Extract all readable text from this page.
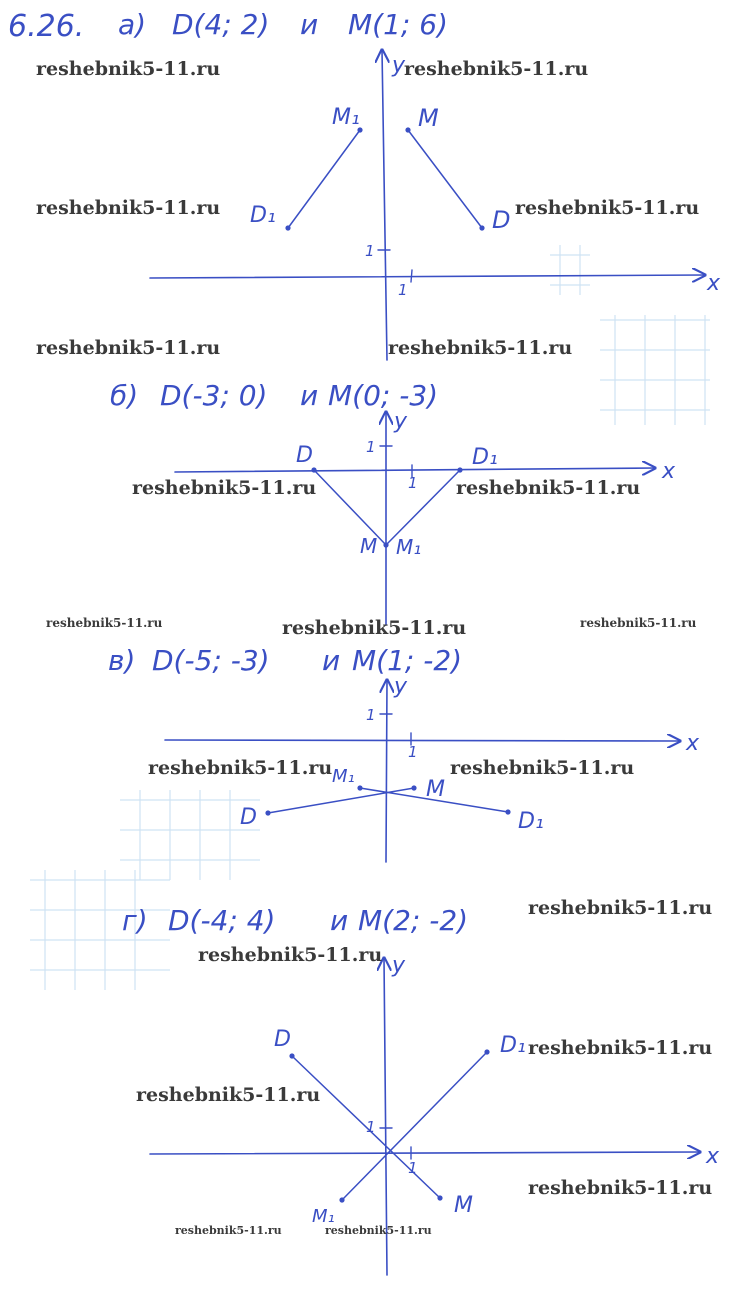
6.26. а) D(4; 2) и M(1; 6)
x
y
1
1
M
D
M₁
D₁
б) D(-3; 0) и M(0; -3)
x
y
1
1
D	D₁
M M₁
в) D(-5; -3) и M(1; -2)
x
y
1
1
D
M
M₁
D₁
г) D(-4; 4) и M(2; -2)
x
y
1
1
D
M
M₁
D₁
reshebnik5-11.ru	reshebnik5-11.ru
reshebnik5-11.ru	reshebnik5-11.ru
reshebnik5-11.ru	reshebnik5-11.ru
reshebnik5-11.ru	reshebnik5-11.ru
reshebnik5-11.ru	reshebnik5-11.ru	reshebnik5-11.ru
reshebnik5-11.ru	reshebnik5-11.ru
reshebnik5-11.ru
reshebnik5-11.ru
reshebnik5-11.ru
reshebnik5-11.ru
reshebnik5-11.ru
reshebnik5-11.ru	reshebnik5-11.ru
